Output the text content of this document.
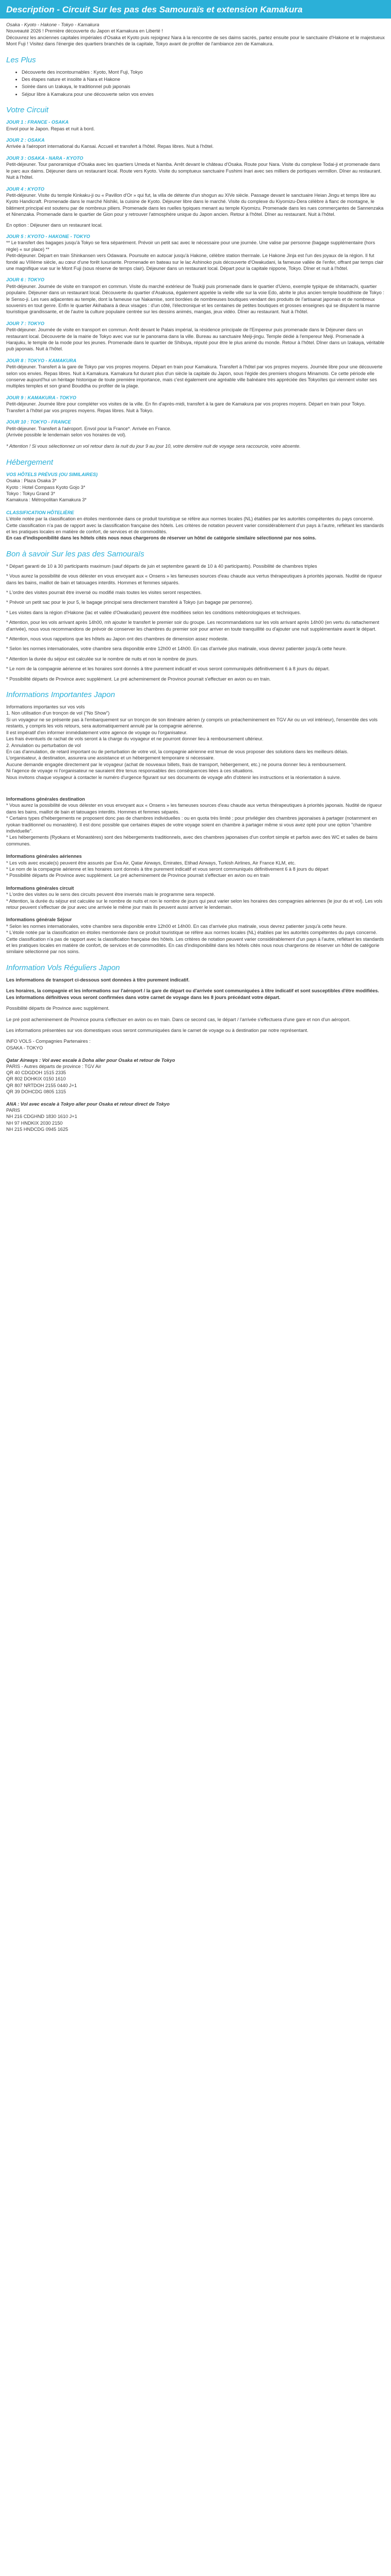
Description - Circuit Sur les pas des Samouraïs et extension Kamakura

Osaka - Kyoto - Hakone - Tokyo - Kamakura
Nouveauté 2026 ! Première découverte du Japon et Kamakura en Liberté !
Découvrez les anciennes capitales impériales d'Osaka et Kyoto puis rejoignez Nara à la rencontre de ses daims sacrés, partez ensuite pour le sanctuaire d'Hakone et le majestueux Mont Fuji ! Visitez dans l'énergie des quartiers branchés de la capitale, Tokyo avant de profiter de l'ambiance zen de Kamakura.

Les Plus
• Découverte des incontournables : Kyoto, Mont Fuji, Tokyo
• Des étapes nature et insolite à Nara et Hakone
• Soirée dans un Izakaya, le traditionnel pub japonais
• Séjour libre à Kamakura pour une découverte selon vos envies
Votre Circuit
JOUR 1 : FRANCE - OSAKA
Envol pour le Japon. Repas et nuit à bord.
JOUR 2 : OSAKA
Arrivée à l'aéroport international du Kansai. Accueil et transfert à l'hôtel. Repas libres. Nuit à l'hôtel.
JOUR 3 : OSAKA - NARA - KYOTO
Petit-déjeuner. Tour panoramique d'Osaka avec les quartiers Umeda et Namba. Arrêt devant le château d'Osaka. Route pour Nara. Visite du complexe Todai-ji et promenade dans le parc aux daims. Déjeuner dans un restaurant local. Route vers Kyoto. Visite du somptueux sanctuaire Fushimi Inari avec ses milliers de portiques vermillon. Dîner au restaurant. Nuit à l'hôtel.
JOUR 4 : KYOTO
Petit-déjeuner. Visite du temple Kinkaku-ji ou « Pavillon d'Or » qui fut, la villa de détente d'un shogun au XIVe siècle. Passage devant le sanctuaire Heian Jingu et temps libre au Kyoto Handicraft. Promenade dans le marché Nishiki, la cuisine de Kyoto. Déjeuner libre dans le marché. Visite du complexe du Kiyomizu-Dera célèbre à flanc de montagne, le bâtiment principal est soutenu par de nombreux piliers. Promenade dans les ruelles typiques menant au temple Kiyomizu. Promenade dans les rues commerçantes de Sannenzaka et Ninenzaka. Promenade dans le quartier de Gion pour y retrouver l'atmosphère unique du Japon ancien. Retour à l'hôtel. Dîner au restaurant. Nuit à l'hôtel.
En option : Déjeuner dans un restaurant local.
JOUR 5 : KYOTO - HAKONE - TOKYO
** Le transfert des bagages jusqu'à Tokyo se fera séparément. Prévoir un petit sac avec le nécessaire pour une journée. Une valise par personne (bagage supplémentaire (hors règle) « sur place) **
Petit-déjeuner. Départ en train Shinkansen vers Odawara. Poursuite en autocar jusqu'à Hakone, célèbre station thermale. Le Hakone Jinja est l'un des joyaux de la région. Il fut fondé au VIIIème siècle, au cœur d'une forêt luxuriante. Promenade en bateau sur le lac Ashinoko puis découverte d'Owakudani, la fameuse vallée de l'enfer, offrant par temps clair une magnifique vue sur le Mont Fuji (sous réserve de temps clair). Déjeuner dans un restaurant local. Départ pour la capitale nippone, Tokyo. Dîner et nuit à l'hôtel.
JOUR 6 : TOKYO
Petit-déjeuner. Journée de visite en transport en commun. Visite du marché extérieur de Tsukiji puis promenade dans le quartier d'Ueno, exemple typique de shitamachi, quartier populaire. Déjeuner dans un restaurant local. Découverte du quartier d'Asakusa, également appelée la vieille ville sur la voie Edo, abrite le plus ancien temple bouddhiste de Tokyo : le Senso-ji. Les rues adjacentes au temple, dont la fameuse rue Nakamise, sont bordées de nombreuses boutiques vendant des produits de l'artisanat japonais et de nombreux souvenirs en tout genre. Enfin le quartier Akihabara à deux visages : d'un côté, l'électronique et les centaines de petites boutiques et grosses enseignes qui se disputent la manne touristique grandissante, et de l'autre la culture populaire centrée sur les dessins animés, mangas, jeux vidéo. Dîner au restaurant. Nuit à l'hôtel.
JOUR 7 : TOKYO
Petit-déjeuner. Journée de visite en transport en commun. Arrêt devant le Palais impérial, la résidence principale de l'Empereur puis promenade dans le Déjeuner dans un restaurant local. Découverte de la mairie de Tokyo avec vue sur le panorama dans la ville. Bureau au sanctuaire Meiji-jingu. Temple dédié à l'empereur Meiji. Promenade à Harajuku, le temple de la mode pour les jeunes. Promenade dans le quartier de Shibuya, réputé pour être le plus animé du monde. Retour à l'hôtel. Dîner dans un Izakaya, véritable pub japonais. Nuit à l'hôtel.
JOUR 8 : TOKYO - KAMAKURA
Petit-déjeuner. Transfert à la gare de Tokyo par vos propres moyens. Départ en train pour Kamakura. Transfert à l'hôtel par vos propres moyens. Journée libre pour une découverte selon vos envies. Repas libres. Nuit à Kamakura. Kamakura fut durant plus d'un siècle la capitale du Japon, sous l'égide des premiers shoguns Minamoto. Ce cette période elle conserve aujourd'hui un héritage historique de toute première importance, mais c'est également une agréable ville balnéaire très appréciée des Tokyoïtes qui viennent visiter ses multiples temples et son grand Bouddha ou profiter de la plage.
JOUR 9 : KAMAKURA - TOKYO
Petit-déjeuner. Journée libre pour compléter vos visites de la ville. En fin d'après-midi, transfert à la gare de Kamakura par vos propres moyens. Départ en train pour Tokyo. Transfert à l'hôtel par vos propres moyens. Repas libres. Nuit à Tokyo.
JOUR 10 : TOKYO - FRANCE
Petit-déjeuner. Transfert à l'aéroport. Envol pour la France*. Arrivée en France.
(Arrivée possible le lendemain selon vos horaires de vol).

* Attention ! Si vous sélectionnez un vol retour dans la nuit du jour 9 au jour 10, votre dernière nuit de voyage sera raccourcie, voire absente.

Hébergement
VOS HÔTELS PRÉVUS (OU SIMILAIRES)
Osaka : Plaza Osaka 3*
Kyoto : Hotel Compass Kyoto Gojo 3*
Tokyo : Tokyu Grand 3*
Kamakura : Métropolitan Kamakura 3*
CLASSIFICATION HÔTELIÈRE
L'étoile notée par la classification en étoiles mentionnée dans ce produit touristique se réfère aux normes locales (NL) établies par les autorités compétentes du pays concerné. Cette classification n'a pas de rapport avec la classification française des hôtels. Les critères de notation peuvent varier considérablement d'un pays à l'autre, reflétant les standards et les pratiques locales en matière de confort, de services et de commodités.
En cas d'indisponibilité dans les hôtels cités nous nous chargerons de réserver un hôtel de catégorie similaire sélectionné par nos soins.
Bon à savoir Sur les pas des Samouraïs

* Départ garanti de 10 à 30 participants maximum (sauf départs de juin et septembre garanti de 10 à 40 participants). Possibilité de chambres triples

* Vous aurez la possibilité de vous délester en vous envoyant aux « Onsens » les fameuses sources d'eau chaude aux vertus thérapeutiques à priorités japonais. Nudité de rigueur dans les bains, maillot de bain et tatouages interdits. Hommes et femmes séparés.

* L'ordre des visites pourrait être inversé ou modifié mais toutes les visites seront respectées.

* Prévoir un petit sac pour le jour 5, le bagage principal sera directement transféré à Tokyo (un bagage par personne).

* Les visites dans la région d'Hakone (lac et vallée d'Owakudani) peuvent être modifiées selon les conditions météorologiques et techniques.

* Attention, pour les vols arrivant après 14h00, mh ajouter le transfert le premier soir du groupe. Les recommandations sur les vols arrivant après 14h00 (en vertu du rattachement d'arrivée), nous vous recommandons de prévoir de conserver les chambres du premier soir pour arriver en toute tranquillité ou d'ajouter une nuit supplémentaire avant le départ.

* Attention, nous vous rappelons que les hôtels au Japon ont des chambres de dimension assez modeste.

* Selon les normes internationales, votre chambre sera disponible entre 12h00 et 14h00. En cas d'arrivée plus matinale, vous devrez patienter jusqu'à cette heure.

* Attention la durée du séjour est calculée sur le nombre de nuits et non le nombre de jours.

* Le nom de la compagnie aérienne et les horaires sont donnés à titre purement indicatif et vous seront communiqués définitivement 6 à 8 jours du départ.

* Possibilité départs de Province avec supplément. Le pré acheminement de Province pourrait s'effectuer en avion ou en train.

Informations Importantes Japon
Informations importantes sur vos vols
1. Non utilisation d'un tronçon de vol ("No Show")
Si un voyageur ne se présente pas à l'embarquement sur un tronçon de son itinéraire aérien (y compris un préacheminement en TGV Air ou un vol intérieur), l'ensemble des vols restants, y compris les vols retours, sera automatiquement annulé par la compagnie aérienne.
Il est impératif d'en informer immédiatement votre agence de voyage ou l'organisateur.
Les frais éventuels de rachat de vols seront à la charge du voyageur et ne pourront donner lieu à remboursement ultérieur.
2. Annulation ou perturbation de vol
En cas d'annulation, de retard important ou de perturbation de votre vol, la compagnie aérienne est tenue de vous proposer des solutions dans les meilleurs délais.
L'organisateur, à destination, assurera une assistance et un hébergement temporaire si nécessaire.
Aucune demande engagée directement par le voyageur (achat de nouveaux billets, frais de transport, hébergement, etc.) ne pourra donner lieu à remboursement.
Ni l'agence de voyage ni l'organisateur ne sauraient être tenus responsables des conséquences liées à ces situations.
Nous invitons chaque voyageur à contacter le numéro d'urgence figurant sur ses documents de voyage afin d'obtenir les instructions et la réorientation à suivre.
Informations générales destination
* Vous aurez la possibilité de vous délester en vous envoyant aux « Onsens » les fameuses sources d'eau chaude aux vertus thérapeutiques à priorités japonais. Nudité de rigueur dans les bains, maillot de bain et tatouages interdits. Hommes et femmes séparés.
* Certains types d'hébergements ne proposent donc pas de chambres individuelles : ou en quota très limité ; pour privilégier des chambres japonaises à partager (notamment en ryokan traditionnel ou monastère). Il est donc possible que certaines étapes de votre voyage soient en chambre à partager même si vous avez opté pour une option "chambre individuelle".
* Les hébergements (Ryokans et Monastères) sont des hébergements traditionnels, avec des chambres japonaises d'un confort simple et parfois avec des WC et salles de bains communes.
Informations générales aériennes
* Les vols avec escale(s) peuvent être assurés par Eva Air, Qatar Airways, Emirates, Etihad Airways, Turkish Airlines, Air France KLM, etc.
* Le nom de la compagnie aérienne et les horaires sont donnés à titre purement indicatif et vous seront communiqués définitivement 6 à 8 jours du départ
* Possibilité départs de Province avec supplément. Le pré acheminement de Province pourrait s'effectuer en avion ou en train
Informations générales circuit
* L'ordre des visites ou le sens des circuits peuvent être inversés mais le programme sera respecté.
* Attention, la durée du séjour est calculée sur le nombre de nuits et non le nombre de jours qui peut varier selon les horaires des compagnies aériennes (le jour du et vol). Les vols retour peuvent s'effectuer de jour avec une arrivée le même jour mais ils peuvent aussi arriver le lendemain.
Informations générale Séjour
* Selon les normes internationales, votre chambre sera disponible entre 12h00 et 14h00. En cas d'arrivée plus matinale, vous devrez patienter jusqu'à cette heure.
* L'étoile notée par la classification en étoiles mentionnée dans ce produit touristique se réfère aux normes locales (NL) établies par les autorités compétentes du pays concerné. Cette classification n'a pas de rapport avec la classification française des hôtels. Les critères de notation peuvent varier considérablement d'un pays à l'autre, reflétant les standards et les pratiques locales en matière de confort, de services et de commodités. En cas d'indisponibilité dans les hôtels cités nous nous chargerons de réserver un hôtel de catégorie similaire sélectionné par nos soins.
Information Vols Réguliers Japon

Les informations de transport ci-dessous sont données à titre purement indicatif.

Les horaires, la compagnie et les informations sur l'aéroport / la gare de départ ou d'arrivée sont communiquées à titre indicatif et sont susceptibles d'être modifiées. Les informations définitives vous seront confirmées dans votre carnet de voyage dans les 8 jours précédant votre départ.

Possibilité départs de Province avec supplément.

Le pré post acheminement de Province pourra s'effectuer en avion ou en train. Dans ce second cas, le départ / l'arrivée s'effectuera d'une gare et non d'un aéroport.

Les informations présentées sur vos domestiques vous seront communiquées dans le carnet de voyage ou à destination par notre représentant.

INFO VOLS - Compagnies Partenaires :
OSAKA - TOKYO
Qatar Airways : Vol avec escale à Doha aller pour Osaka et retour de Tokyo
PARIS - Autres départs de province : TGV Air
QR 40 CDGDOH 1515 2335
QR 802 DOHKIX 0150 1610
QR 807 NRTDOH 2155 0440 J+1
QR 39 DOHCDG 0805 1315
ANA : Vol avec escale à Tokyo aller pour Osaka et retour direct de Tokyo
PARIS
NH 216 CDGHND 1830 1610 J+1
NH 97 HNDKIX 2030 2150
NH 215 HNDCDG 0945 1625
